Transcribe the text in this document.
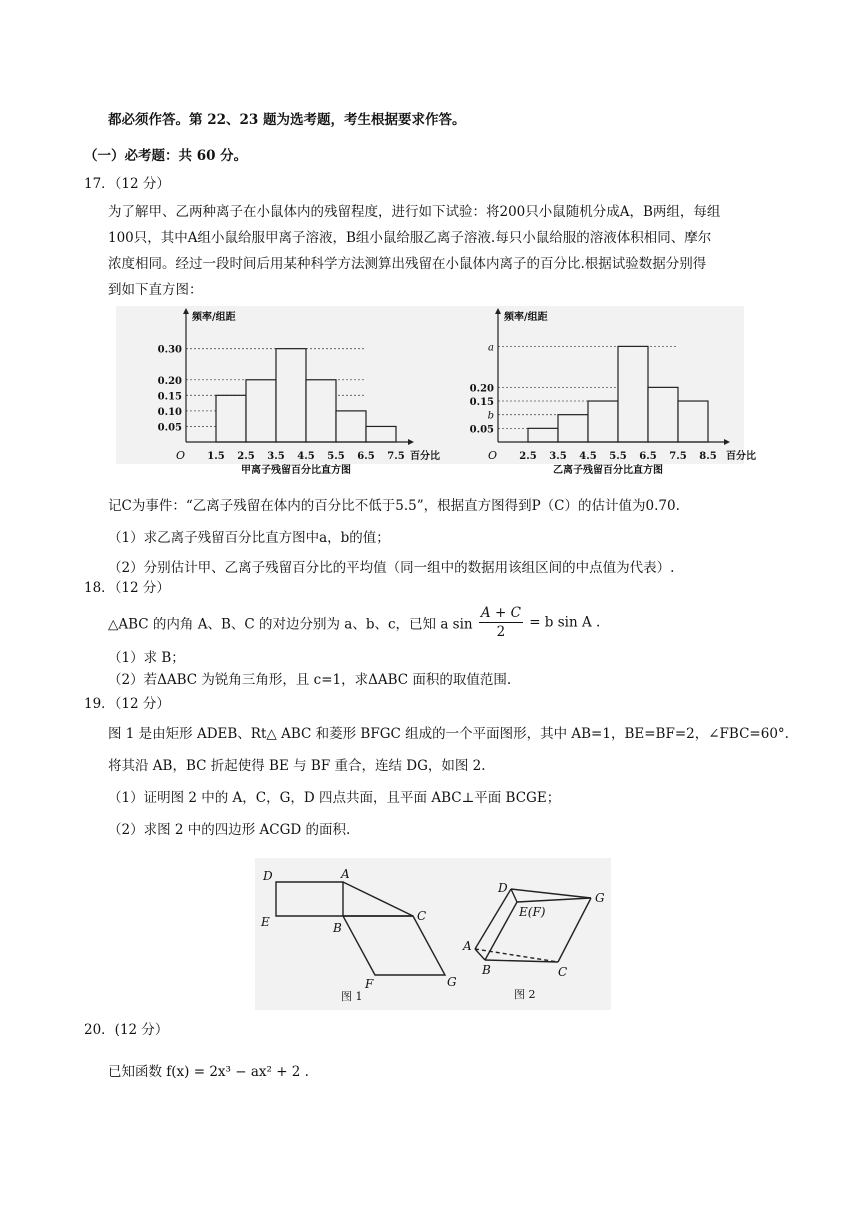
都必须作答。第 22、23 题为选考题，考生根据要求作答。
（一）必考题：共 60 分。
17．（12 分）
为了解甲、乙两种离子在小鼠体内的残留程度，进行如下试验：将200只小鼠随机分成A，B两组，每组
100只，其中A组小鼠给服甲离子溶液，B组小鼠给服乙离子溶液.每只小鼠给服的溶液体积相同、摩尔
浓度相同。经过一段时间后用某种科学方法测算出残留在小鼠体内离子的百分比.根据试验数据分别得
到如下直方图：
0.05
0.10
0.15
0.20
0.30
频率/组距
百分比
O 1.5 2.5 3.5 4.5 5.5 6.5 7.5
甲离子残留百分比直方图
0.05
b
0.15
0.20
a
频率/组距
百分比
O 2.5 3.5 4.5 5.5 6.5 7.5 8.5
乙离子残留百分比直方图
记C为事件：“乙离子残留在体内的百分比不低于5.5”，根据直方图得到P（C）的估计值为0.70.
（1）求乙离子残留百分比直方图中a，b的值；
（2）分别估计甲、乙离子残留百分比的平均值（同一组中的数据用该组区间的中点值为代表）.
18．（12 分）
△ABC 的内角 A、B、C 的对边分别为 a、b、c，已知 a $\sin \frac{A + C}{2} = b$ sin A .
（1）求 B；
（2）若ΔABC 为锐角三角形，且 c=1，求ΔABC 面积的取值范围.
19．（12 分）
图 1 是由矩形 ADEB、Rt△ ABC 和菱形 BFGC 组成的一个平面图形，其中 AB=1，BE=BF=2，∠FBC=60°.
将其沿 AB，BC 折起使得 BE 与 BF 重合，连结 DG，如图 2.
（1）证明图 2 中的 A，C，G，D 四点共面，且平面 ABC⊥平面 BCGE；
（2）求图 2 中的四边形 ACGD 的面积.
D	A
E	B
C
F	G
D
G
E(F)
A
B	C
图 1	图 2
20．(12 分）
已知函数 f(x) = 2x³ − ax² + 2 .
